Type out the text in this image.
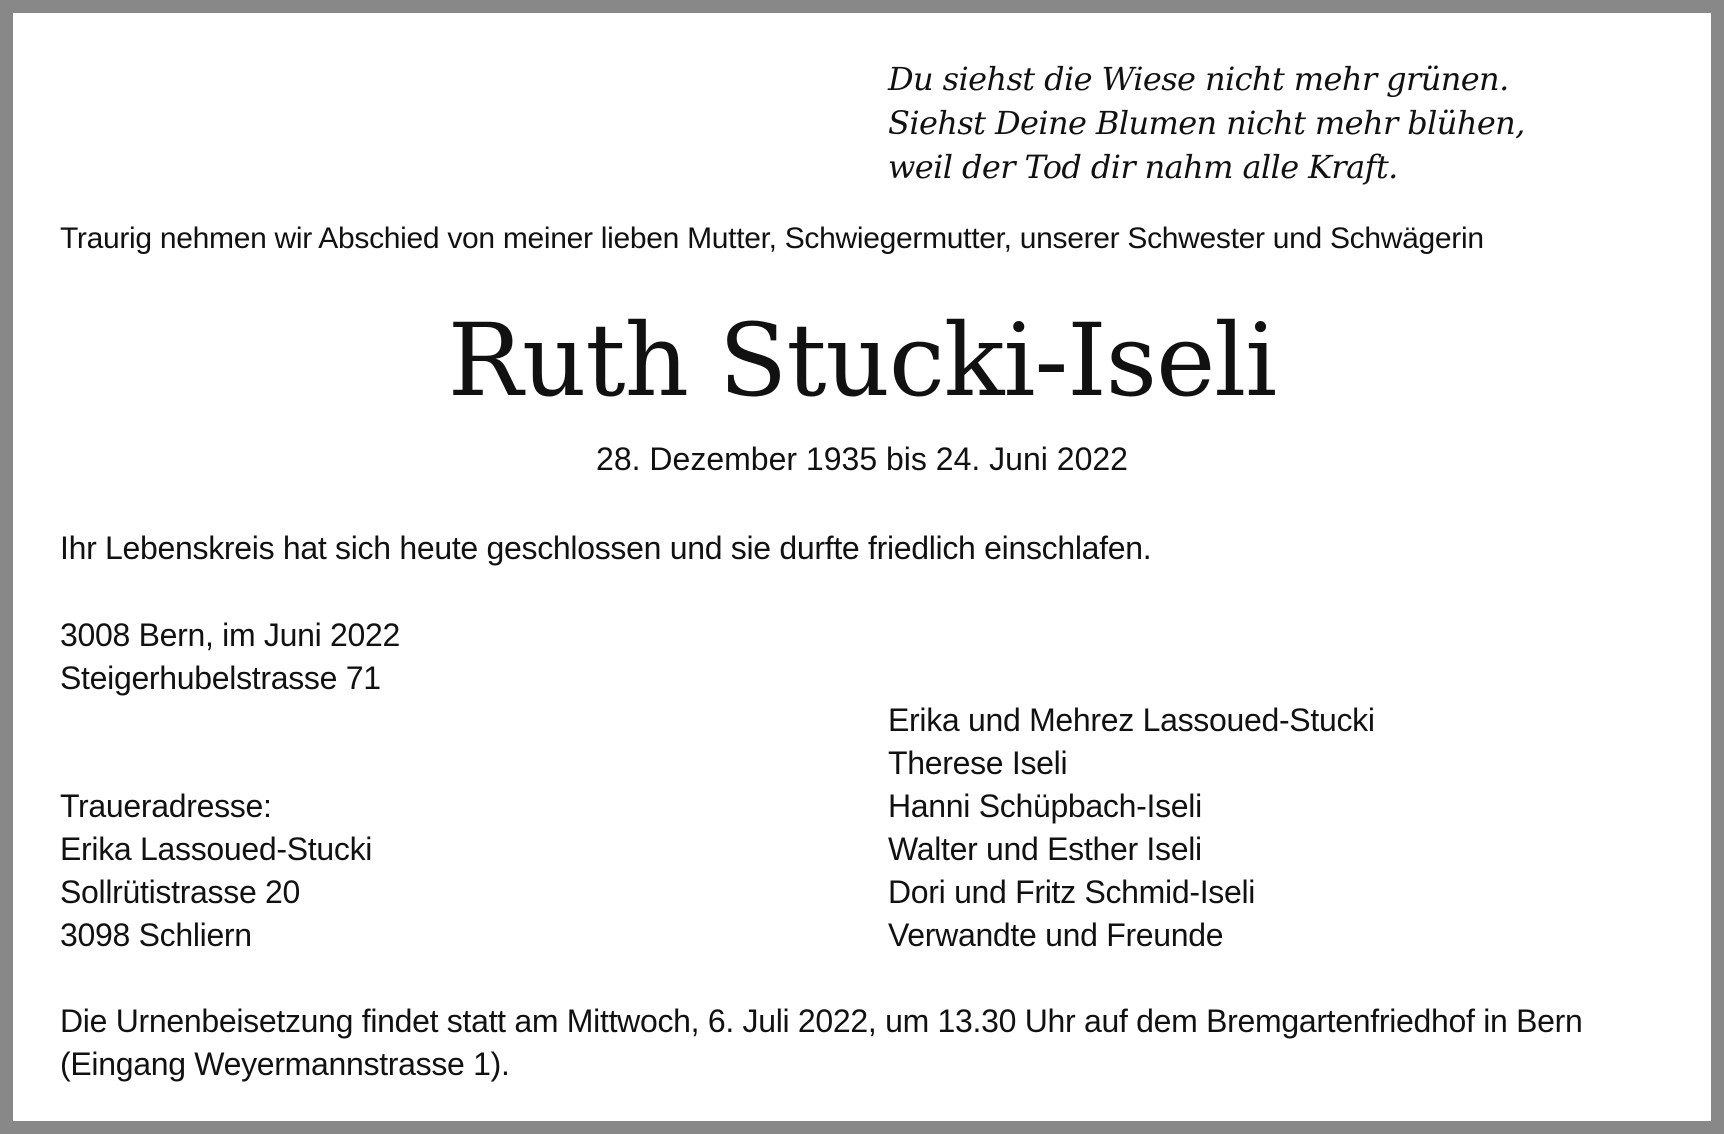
Du siehst die Wiese nicht mehr grünen.
Siehst Deine Blumen nicht mehr blühen,
weil der Tod dir nahm alle Kraft.
Traurig nehmen wir Abschied von meiner lieben Mutter, Schwiegermutter, unserer Schwester und Schwägerin
Ruth Stucki-Iseli
28. Dezember 1935 bis 24. Juni 2022
Ihr Lebenskreis hat sich heute geschlossen und sie durfte friedlich einschlafen.
3008 Bern, im Juni 2022
Steigerhubelstrasse 71
Traueradresse:
Erika Lassoued-Stucki
Sollrütistrasse 20
3098 Schliern
Erika und Mehrez Lassoued-Stucki
Therese Iseli
Hanni Schüpbach-Iseli
Walter und Esther Iseli
Dori und Fritz Schmid-Iseli
Verwandte und Freunde
Die Urnenbeisetzung findet statt am Mittwoch, 6. Juli 2022, um 13.30 Uhr auf dem Bremgartenfriedhof in Bern
(Eingang Weyermannstrasse 1).
